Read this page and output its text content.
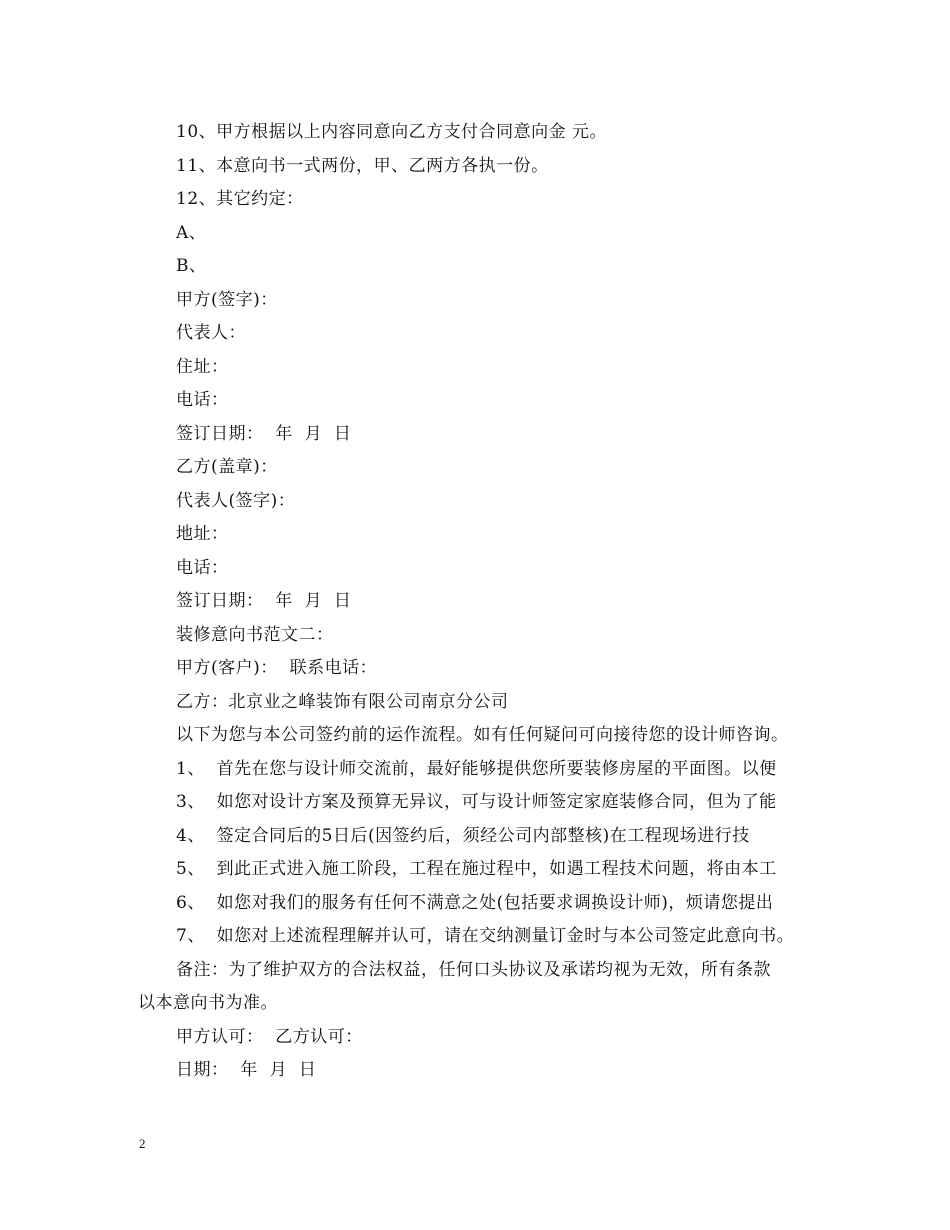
10、甲方根据以上内容同意向乙方支付合同意向金 元。
11、本意向书一式两份，甲、乙两方各执一份。
12、其它约定：
A、
B、
甲方(签字)：
代表人：
住址：
电话：
签订日期：  年  月  日
乙方(盖章)：
代表人(签字)：
地址：
电话：
签订日期：  年  月  日
装修意向书范文二：
甲方(客户)：  联系电话：
乙方：北京业之峰装饰有限公司南京分公司
以下为您与本公司签约前的运作流程。如有任何疑问可向接待您的设计师咨询。
1、  首先在您与设计师交流前，最好能够提供您所要装修房屋的平面图。以便
3、  如您对设计方案及预算无异议，可与设计师签定家庭装修合同，但为了能
4、  签定合同后的5日后(因签约后，须经公司内部整核)在工程现场进行技
5、  到此正式进入施工阶段，工程在施过程中，如遇工程技术问题，将由本工
6、  如您对我们的服务有任何不满意之处(包括要求调换设计师)，烦请您提出
7、  如您对上述流程理解并认可，请在交纳测量订金时与本公司签定此意向书。
备注：为了维护双方的合法权益，任何口头协议及承诺均视为无效，所有条款
以本意向书为准。
甲方认可：  乙方认可：
日期：  年  月  日
2
